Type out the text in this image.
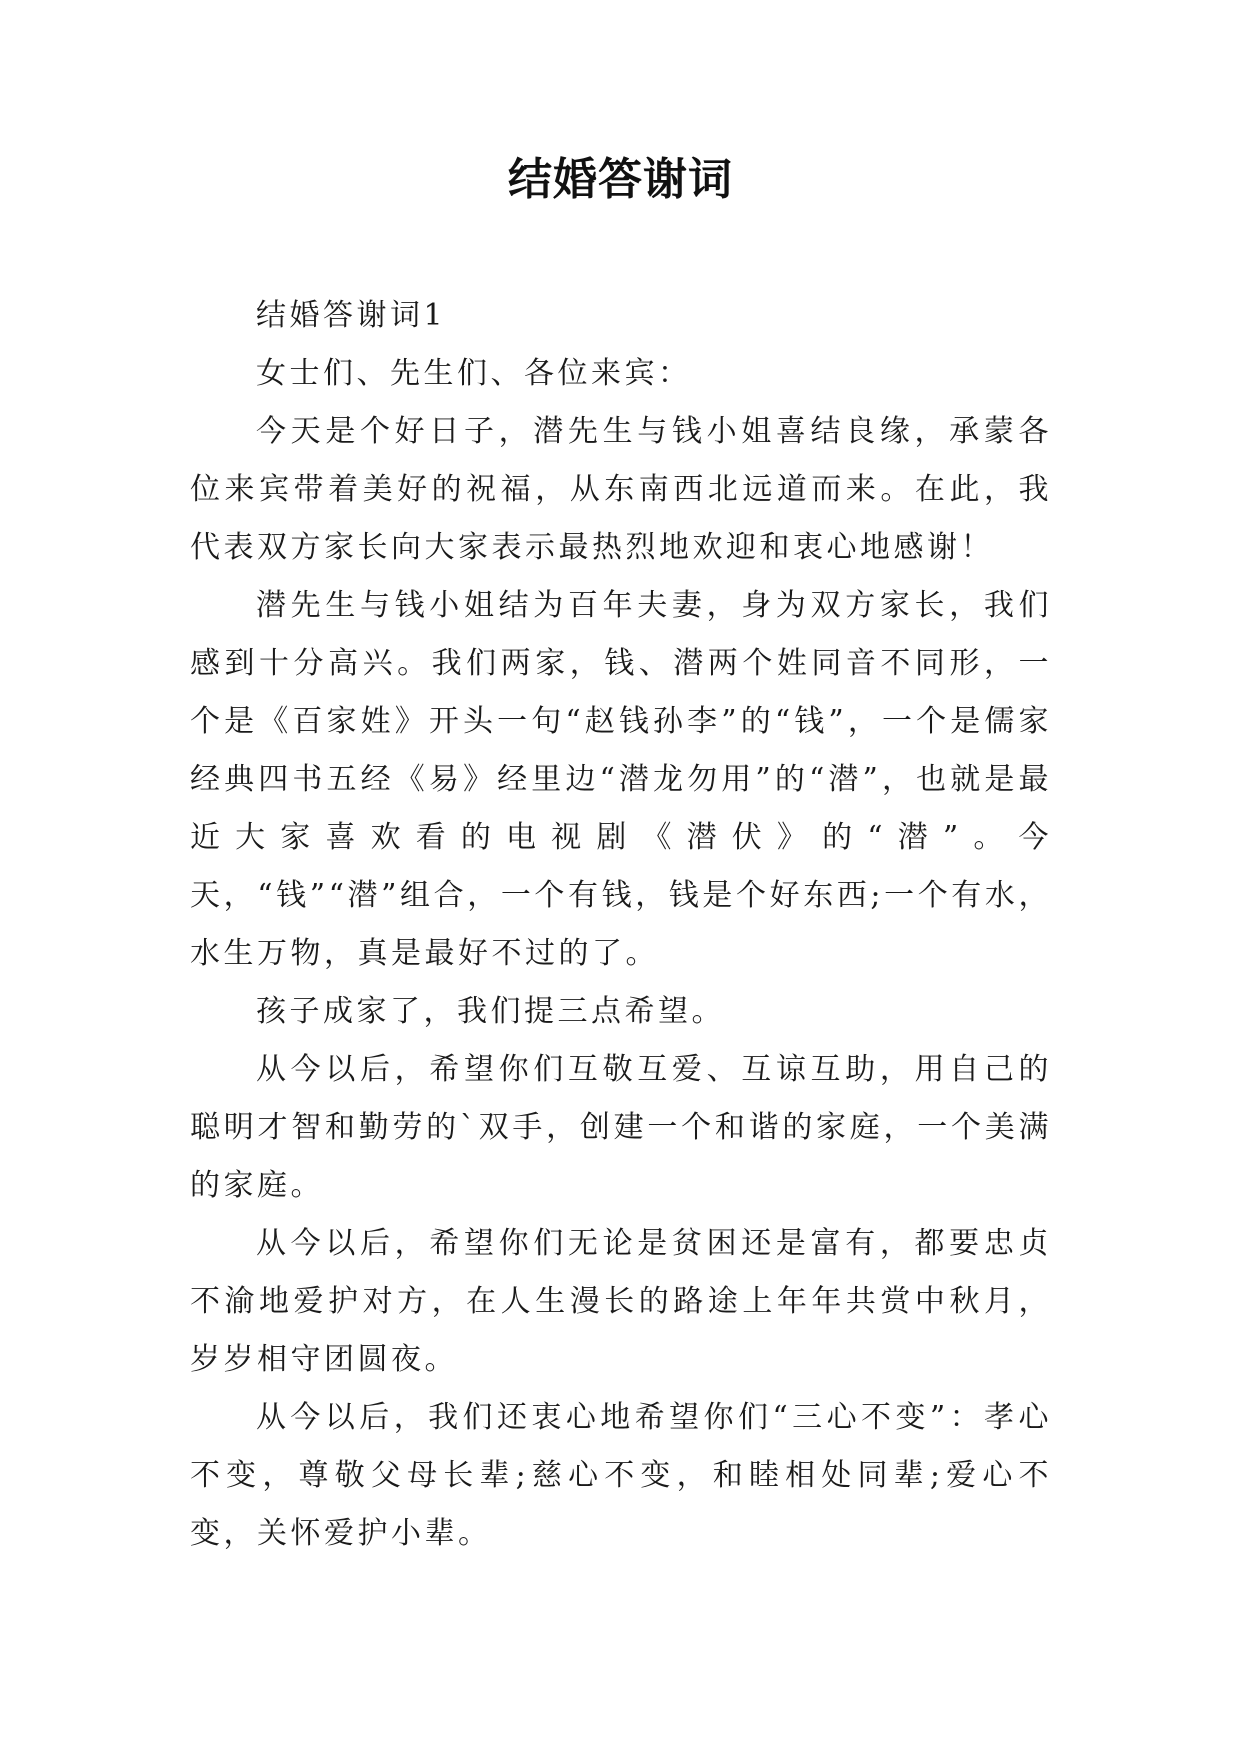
结婚答谢词

结婚答谢词1

女士们、先生们、各位来宾：

今天是个好日子，潜先生与钱小姐喜结良缘，承蒙各位来宾带着美好的祝福，从东南西北远道而来。在此，我代表双方家长向大家表示最热烈地欢迎和衷心地感谢！

潜先生与钱小姐结为百年夫妻，身为双方家长，我们感到十分高兴。我们两家，钱、潜两个姓同音不同形，一个是《百家姓》开头一句“赵钱孙李”的“钱”，一个是儒家经典四书五经《易》经里边“潜龙勿用”的“潜”，也就是最近大家喜欢看的电视剧《潜伏》的“潜”。今天，“钱”“潜”组合，一个有钱，钱是个好东西;一个有水，水生万物，真是最好不过的了。

孩子成家了，我们提三点希望。

从今以后，希望你们互敬互爱、互谅互助，用自己的聪明才智和勤劳的`双手，创建一个和谐的家庭，一个美满的家庭。

从今以后，希望你们无论是贫困还是富有，都要忠贞不渝地爱护对方，在人生漫长的路途上年年共赏中秋月，岁岁相守团圆夜。

从今以后，我们还衷心地希望你们“三心不变”：孝心不变，尊敬父母长辈;慈心不变，和睦相处同辈;爱心不变，关怀爱护小辈。
